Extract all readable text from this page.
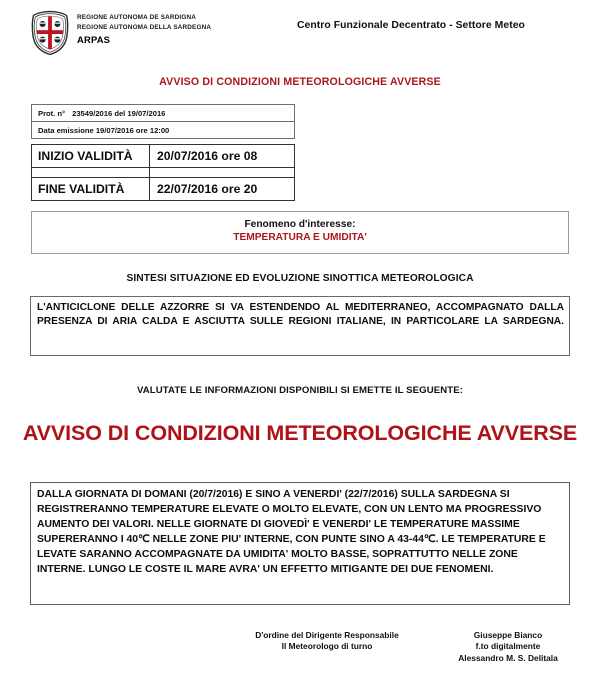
REGIONE AUTONOMA DE SARDIGNA
REGIONE AUTONOMA DELLA SARDEGNA
ARPAS
Centro Funzionale Decentrato - Settore Meteo
AVVISO DI CONDIZIONI METEOROLOGICHE AVVERSE
Prot. n° 23549/2016 del 19/07/2016
Data emissione 19/07/2016 ore 12:00
INIZIO VALIDITÀ	20/07/2016 ore 08

FINE VALIDITÀ	22/07/2016 ore 20
Fenomeno d'interesse:
TEMPERATURA E UMIDITA'
SINTESI SITUAZIONE ED EVOLUZIONE SINOTTICA METEOROLOGICA
L'ANTICICLONE DELLE AZZORRE SI VA ESTENDENDO AL MEDITERRANEO, ACCOMPAGNATO DALLA PRESENZA DI ARIA CALDA E ASCIUTTA SULLE REGIONI ITALIANE, IN PARTICOLARE LA SARDEGNA.
VALUTATE LE INFORMAZIONI DISPONIBILI SI EMETTE IL SEGUENTE:
AVVISO DI CONDIZIONI METEOROLOGICHE AVVERSE
DALLA GIORNATA DI DOMANI (20/7/2016) E SINO A VENERDI' (22/7/2016) SULLA SARDEGNA SI REGISTRERANNO TEMPERATURE ELEVATE O MOLTO ELEVATE, CON UN LENTO MA PROGRESSIVO AUMENTO DEI VALORI. NELLE GIORNATE DI GIOVEDÌ' E VENERDI' LE TEMPERATURE MASSIME SUPERERANNO I 40℃ NELLE ZONE PIU' INTERNE, CON PUNTE SINO A 43-44℃. LE TEMPERATURE E LEVATE SARANNO ACCOMPAGNATE DA UMIDITA' MOLTO BASSE, SOPRATTUTTO NELLE ZONE INTERNE. LUNGO LE COSTE IL MARE AVRA' UN EFFETTO MITIGANTE DEI DUE FENOMENI.
D'ordine del Dirigente Responsabile
Il Meteorologo di turno
Giuseppe Bianco
f.to digitalmente
Alessandro M. S. Delitala
